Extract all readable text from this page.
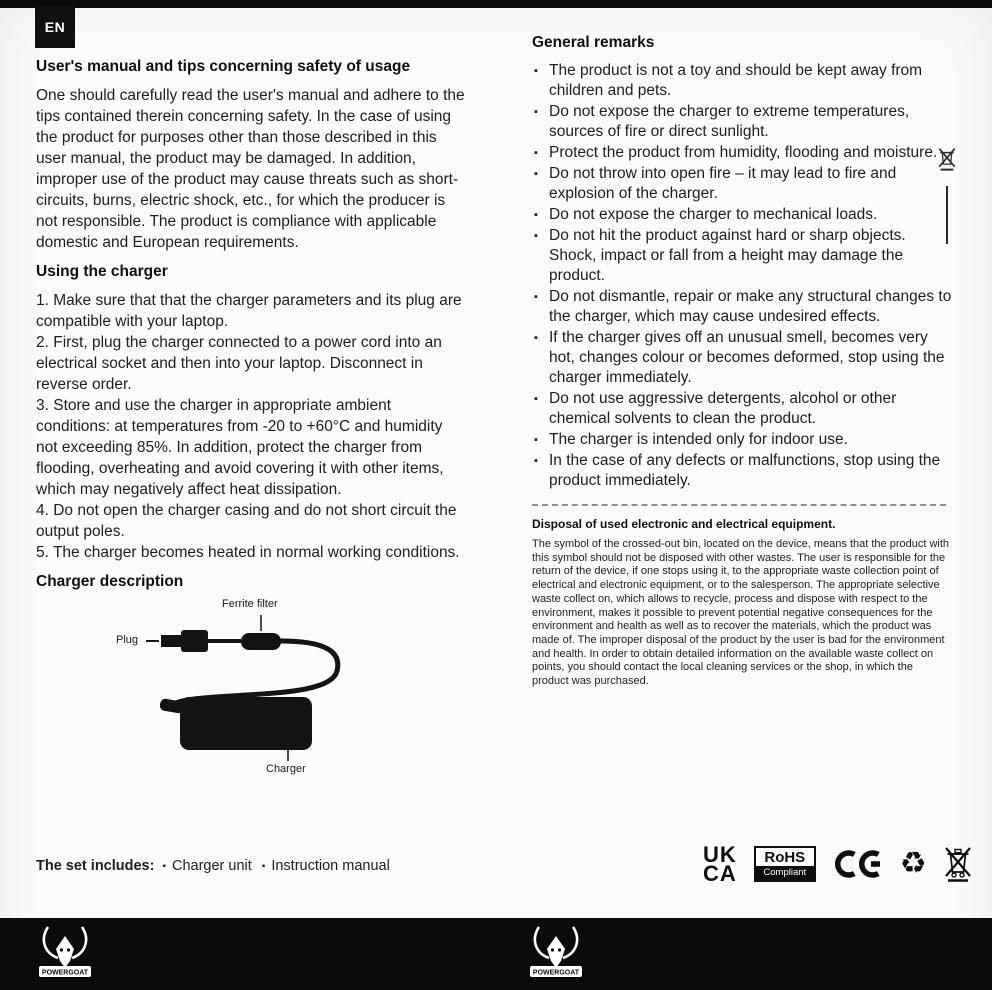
EN
User's manual and tips concerning safety of usage

One should carefully read the user's manual and adhere to the tips contained therein concerning safety. In the case of using the product for purposes other than those described in this user manual, the product may be damaged. In addition, improper use of the product may cause threats such as short-circuits, burns, electric shock, etc., for which the producer is not responsible. The product is compliance with applicable domestic and European requirements.

Using the charger

1. Make sure that that the charger parameters and its plug are compatible with your laptop.

2. First, plug the charger connected to a power cord into an electrical socket and then into your laptop. Disconnect in reverse order.

3. Store and use the charger in appropriate ambient conditions: at temperatures from -20 to +60°C and humidity not exceeding 85%. In addition, protect the charger from flooding, overheating and avoid covering it with other items, which may negatively affect heat dissipation.

4. Do not open the charger casing and do not short circuit the output poles.

5. The charger becomes heated in normal working conditions.

Charger description
Ferrite filter
Plug
Charger
General remarks
▪ The product is not a toy and should be kept away from children and pets.
▪ Do not expose the charger to extreme temperatures, sources of fire or direct sunlight.
▪ Protect the product from humidity, flooding and moisture.
▪ Do not throw into open fire – it may lead to fire and explosion of the charger.
▪ Do not expose the charger to mechanical loads.
▪ Do not hit the product against hard or sharp objects. Shock, impact or fall from a height may damage the product.
▪ Do not dismantle, repair or make any structural changes to the charger, which may cause undesired effects.
▪ If the charger gives off an unusual smell, becomes very hot, changes colour or becomes deformed, stop using the charger immediately.
▪ Do not use aggressive detergents, alcohol or other chemical solvents to clean the product.
▪ The charger is intended only for indoor use.
▪ In the case of any defects or malfunctions, stop using the product immediately.
Disposal of used electronic and electrical equipment.

The symbol of the crossed-out bin, located on the device, means that the product with this symbol should not be disposed with other wastes. The user is responsible for the return of the device, if one stops using it, to the appropriate waste collection point of electrical and electronic equipment, or to the salesperson. The appropriate selective waste collect on, which allows to recycle, process and dispose with respect to the environment, makes it possible to prevent potential negative consequences for the environment and health as well as to recover the materials, which the product was made of. The improper disposal of the product by the user is bad for the environment and health. In order to obtain detailed information on the available waste collect on points, you should contact the local cleaning services or the shop, in which the product was purchased.

The set includes: ▪ Charger unit ▪ Instruction manual	UK
CA
RoHS
Compliant	♻
POWERGOAT	POWERGOAT
